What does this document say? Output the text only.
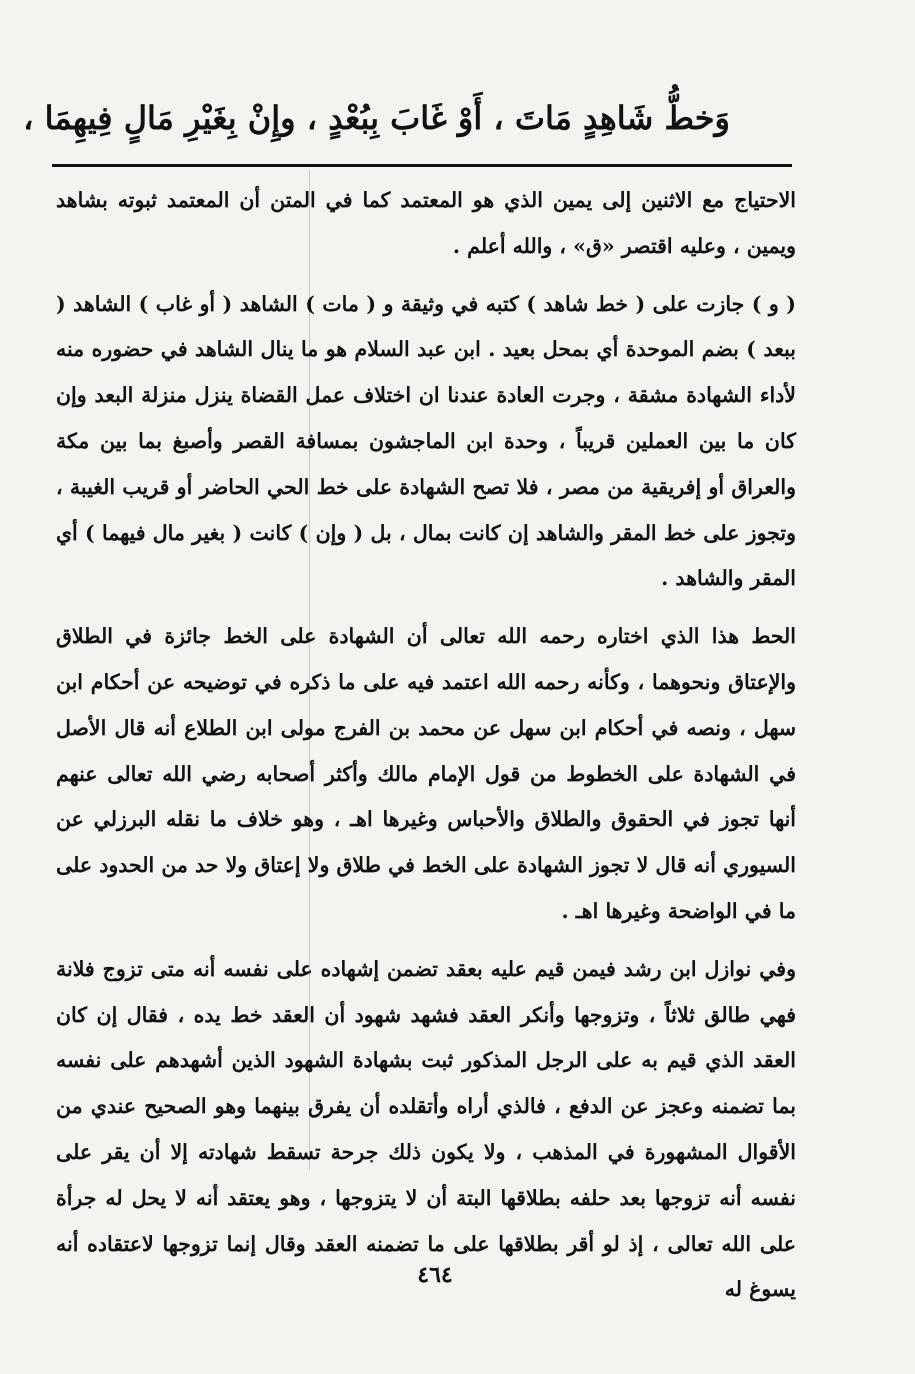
وَخطُّ شَاهِدٍ مَاتَ ، أَوْ غَابَ بِبُعْدٍ ، وإِنْ بِغَيْرِ مَالٍ فِيهِمَا ،

الاحتياج مع الاثنين إلى يمين الذي هو المعتمد كما في المتن أن المعتمد ثبوته بشاهد ويمين ، وعليه اقتصر «ق» ، والله أعلم .

( و ) جازت على ( خط شاهد ) كتبه في وثيقة و ( مات ) الشاهد ( أو غاب ) الشاهد ( ببعد ) بضم الموحدة أي بمحل بعيد . ابن عبد السلام هو ما ينال الشاهد في حضوره منه لأداء الشهادة مشقة ، وجرت العادة عندنا ان اختلاف عمل القضاة ينزل منزلة البعد وإن كان ما بين العملين قريباً ، وحدة ابن الماجشون بمسافة القصر وأصبغ بما بين مكة والعراق أو إفريقية من مصر ، فلا تصح الشهادة على خط الحي الحاضر أو قريب الغيبة ، وتجوز على خط المقر والشاهد إن كانت بمال ، بل ( وإن ) كانت ( بغير مال فيهما ) أي المقر والشاهد .

الحط هذا الذي اختاره رحمه الله تعالى أن الشهادة على الخط جائزة في الطلاق والإعتاق ونحوهما ، وكأنه رحمه الله اعتمد فيه على ما ذكره في توضيحه عن أحكام ابن سهل ، ونصه في أحكام ابن سهل عن محمد بن الفرج مولى ابن الطلاع أنه قال الأصل في الشهادة على الخطوط من قول الإمام مالك وأكثر أصحابه رضي الله تعالى عنهم أنها تجوز في الحقوق والطلاق والأحباس وغيرها اهـ ، وهو خلاف ما نقله البرزلي عن السيوري أنه قال لا تجوز الشهادة على الخط في طلاق ولا إعتاق ولا حد من الحدود على ما في الواضحة وغيرها اهـ .

وفي نوازل ابن رشد فيمن قيم عليه بعقد تضمن إشهاده على نفسه أنه متى تزوج فلانة فهي طالق ثلاثاً ، وتزوجها وأنكر العقد فشهد شهود أن العقد خط يده ، فقال إن كان العقد الذي قيم به على الرجل المذكور ثبت بشهادة الشهود الذين أشهدهم على نفسه بما تضمنه وعجز عن الدفع ، فالذي أراه وأتقلده أن يفرق بينهما وهو الصحيح عندي من الأقوال المشهورة في المذهب ، ولا يكون ذلك جرحة تسقط شهادته إلا أن يقر على نفسه أنه تزوجها بعد حلفه بطلاقها البتة أن لا يتزوجها ، وهو يعتقد أنه لا يحل له جرأة على الله تعالى ، إذ لو أقر بطلاقها على ما تضمنه العقد وقال إنما تزوجها لاعتقاده أنه يسوغ له

٤٦٤
